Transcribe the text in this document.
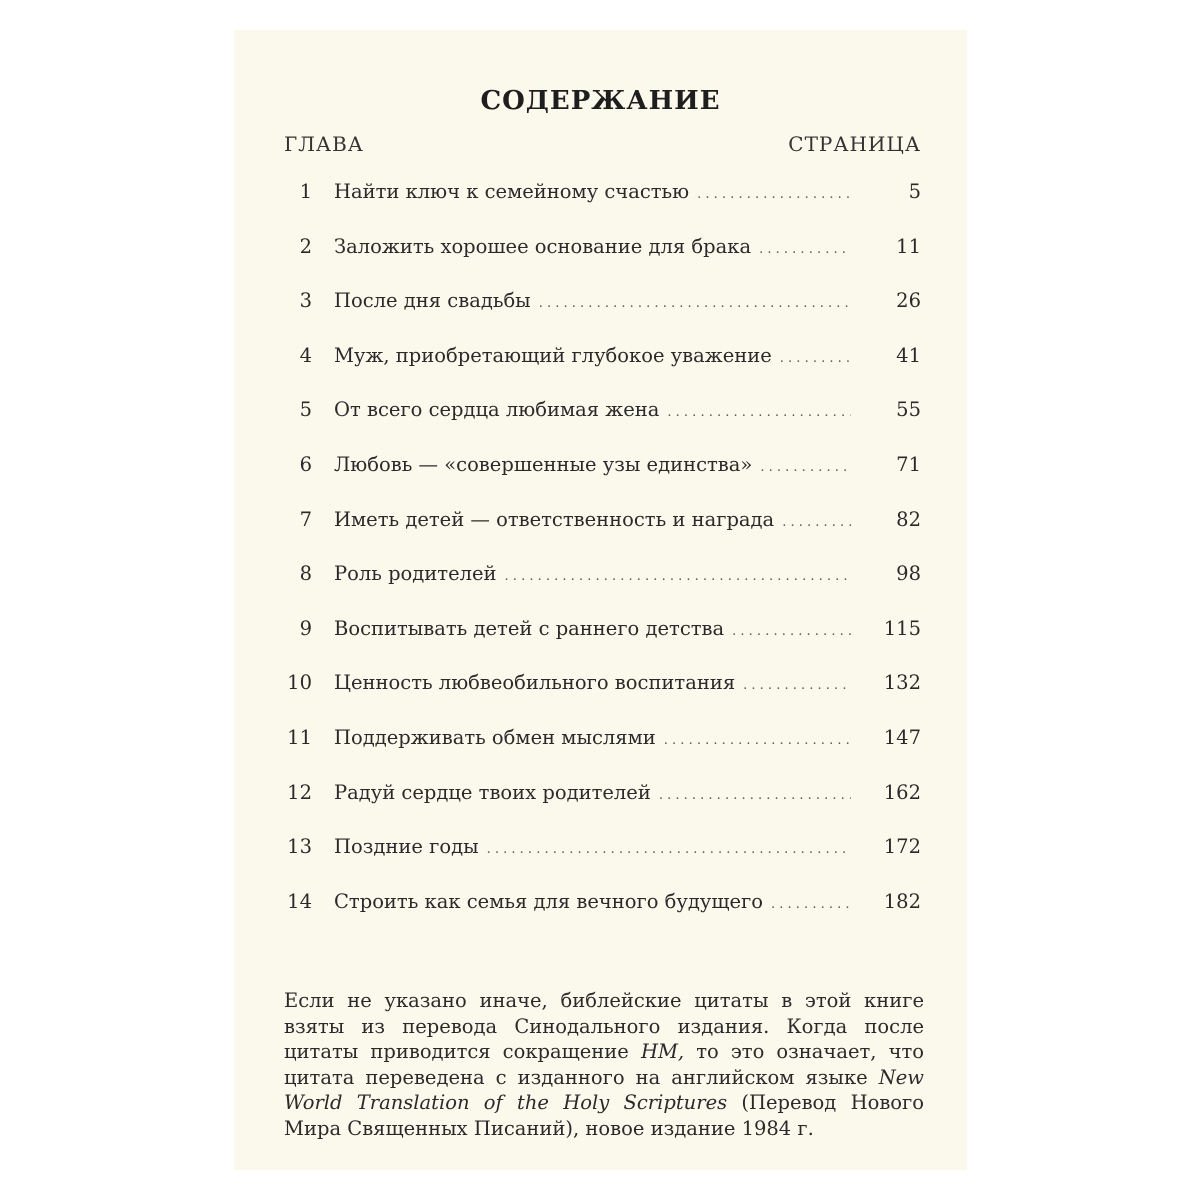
СОДЕРЖАНИЕ
ГЛАВА	СТРАНИЦА
1 Найти ключ к семейному счастью . . .	5
2 Заложить хорошее основание для брака . . .	11
3 После дня свадьбы . . .	26
4 Муж, приобретающий глубокое уважение . . .	41
5 От всего сердца любимая жена . . .	55
6 Любовь — «совершенные узы единства» . . .	71
7 Иметь детей — ответственность и награда . . .	82
8 Роль родителей . . .	98
9 Воспитывать детей с раннего детства . . .	115
10 Ценность любвеобильного воспитания . . .	132
11 Поддерживать обмен мыслями . . .	147
12 Радуй сердце твоих родителей . . .	162
13 Поздние годы . . .	172
14 Строить как семья для вечного будущего . . .	182

Если не указано иначе, библейские цитаты в этой книге взяты из перевода Синодального издания. Когда после цитаты приводится сокращение НМ, то это означает, что цитата переведена с изданного на английском языке New World Translation of the Holy Scriptures (Перевод Нового Мира Священных Писаний), новое издание 1984 г.
